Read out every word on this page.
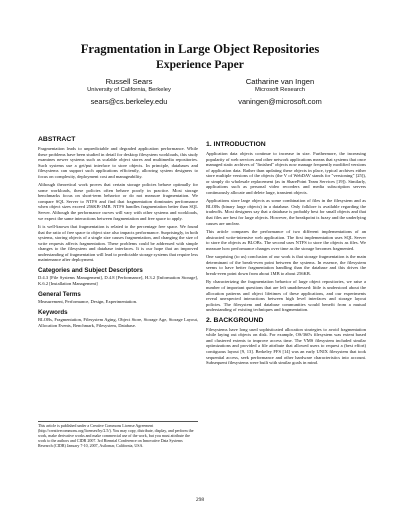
Fragmentation in Large Object Repositories
Experience Paper
Russell Sears
University of California, Berkeley
sears@cs.berkeley.edu
Catharine van Ingen
Microsoft Research
vaningen@microsoft.com
ABSTRACT

Fragmentation leads to unpredictable and degraded application performance. While these problems have been studied in detail for desktop filesystem workloads, this study examines newer systems such as scalable object stores and multimedia repositories. Such systems use a get/put interface to store objects. In principle, databases and filesystems can support such applications efficiently, allowing system designers to focus on complexity, deployment cost and manageability.

Although theoretical work proves that certain storage policies behave optimally for some workloads, these policies often behave poorly in practice. Most storage benchmarks focus on short-term behavior or do not measure fragmentation. We compare SQL Server to NTFS and find that fragmentation dominates performance when object sizes exceed 256KB-1MB. NTFS handles fragmentation better than SQL Server. Although the performance curves will vary with other systems and workloads, we expect the same interactions between fragmentation and free space to apply.

It is well-known that fragmentation is related to the percentage free space. We found that the ratio of free space to object size also impacts performance. Surprisingly, in both systems, storing objects of a single size causes fragmentation, and changing the size of write requests affects fragmentation. These problems could be addressed with simple changes to the filesystem and database interfaces. It is our hope that an improved understanding of fragmentation will lead to predictable storage systems that require less maintenance after deployment.

Categories and Subject Descriptors

D.4.3 [File Systems Management], D.4.8 [Performance], H.3.2 [Information Storage], K.6.2 [Installation Management]

General Terms

Measurement, Performance, Design, Experimentation.

Keywords

BLOBs, Fragmentation, Filesystem Aging, Object Store, Storage Age, Storage Layout, Allocation Events, Benchmark, Filesystem, Database.

This article is published under a Creative Commons License Agreement (http://creativecommons.org/licenses/by/2.5/). You may copy, distribute, display, and perform the work, make derivative works and make commercial use of the work, but you must attribute the work to the authors and CIDR 2007. 3rd Biennial Conference on Innovative Data Systems Research (CIDR) January 7-10, 2007, Asilomar, California, USA.
1. INTRODUCTION

Application data objects continue to increase in size. Furthermore, the increasing popularity of web services and other network applications means that systems that once managed static archives of "finished" objects now manage frequently modified versions of application data. Rather than updating these objects in place, typical archives either store multiple versions of the objects (the V of WebDAV stands for "versioning" [25]), or simply do wholesale replacement (as in SharePoint Team Services [19]). Similarly, applications such as personal video recorders and media subscription servers continuously allocate and delete large, transient objects.

Applications store large objects as some combination of files in the filesystem and as BLOBs (binary large objects) in a database. Only folklore is available regarding the tradeoffs. Most designers say that a database is probably best for small objects and that that files are best for large objects. However, the breakpoint is fuzzy and the underlying causes are unclear.

This article compares the performance of two different implementations of an abstracted write-intensive web application. The first implementation uses SQL Server to store the objects as BLOBs. The second uses NTFS to store the objects as files. We measure how performance changes over time as the storage becomes fragmented.

One surprising (to us) conclusion of our work is that storage fragmentation is the main determinant of the break-even point between the systems. In essence, the filesystem seems to have better fragmentation handling than the database and this drives the break-even point down from about 1MB to about 256KB.

By characterizing the fragmentation behavior of large object repositories, we raise a number of important questions that are left unaddressed: little is understood about the allocation patterns and object lifetimes of these applications, and our experiments reveal unexpected interactions between high level interfaces and storage layout policies. The filesystem and database communities would benefit from a mutual understanding of existing techniques and fragmentation.

2. BACKGROUND

Filesystems have long used sophisticated allocation strategies to avoid fragmentation while laying out objects on disk. For example, OS/360's filesystem was extent based and clustered extents to improve access time. The VMS filesystem included similar optimizations and provided a file attribute that allowed users to request a (best effort) contiguous layout [9, 13]. Berkeley FFS [14] was an early UNIX filesystem that took sequential access, seek performance and other hardware characteristics into account. Subsequent filesystems were built with similar goals in mind.

298
